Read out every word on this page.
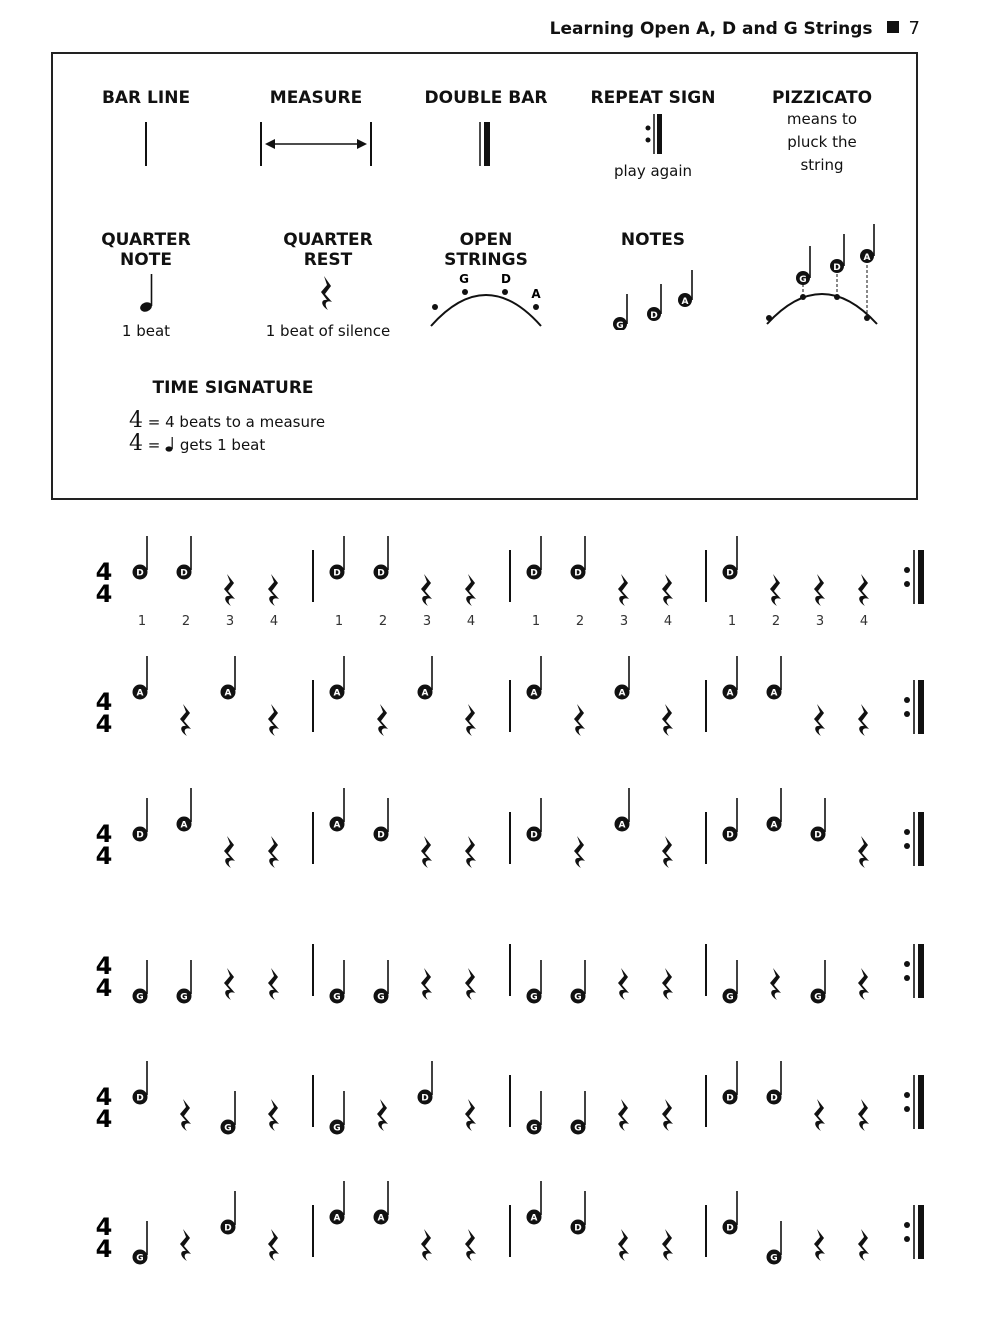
Learning Open A, D and G Strings 7
BAR LINE	MEASURE	DOUBLE BAR	REPEAT SIGN
play again
PIZZICATO
means to
pluck the
string
QUARTER
NOTE
1 beat
QUARTER
REST
1 beat of silence
OPEN
STRINGS
G	D
A
NOTES
G
D
A
G
D
A
TIME SIGNATURE
4 = 4 beats to a measure
4 =  gets 1 beat
4
4
D
1
D
2	3	4
D
1
D
2	3	4
D
1
D
2	3	4
D
1	2	3	4
4
4
A	A	A	A	A	A	A	A
4
4
D
A	A
D	D
A
D
A
D
4
4	G	G	G	G	G	G	G	G
4
4
D
G	G
D
G	G
D	D
4
4	G
D
A	A	A
D	D
G
